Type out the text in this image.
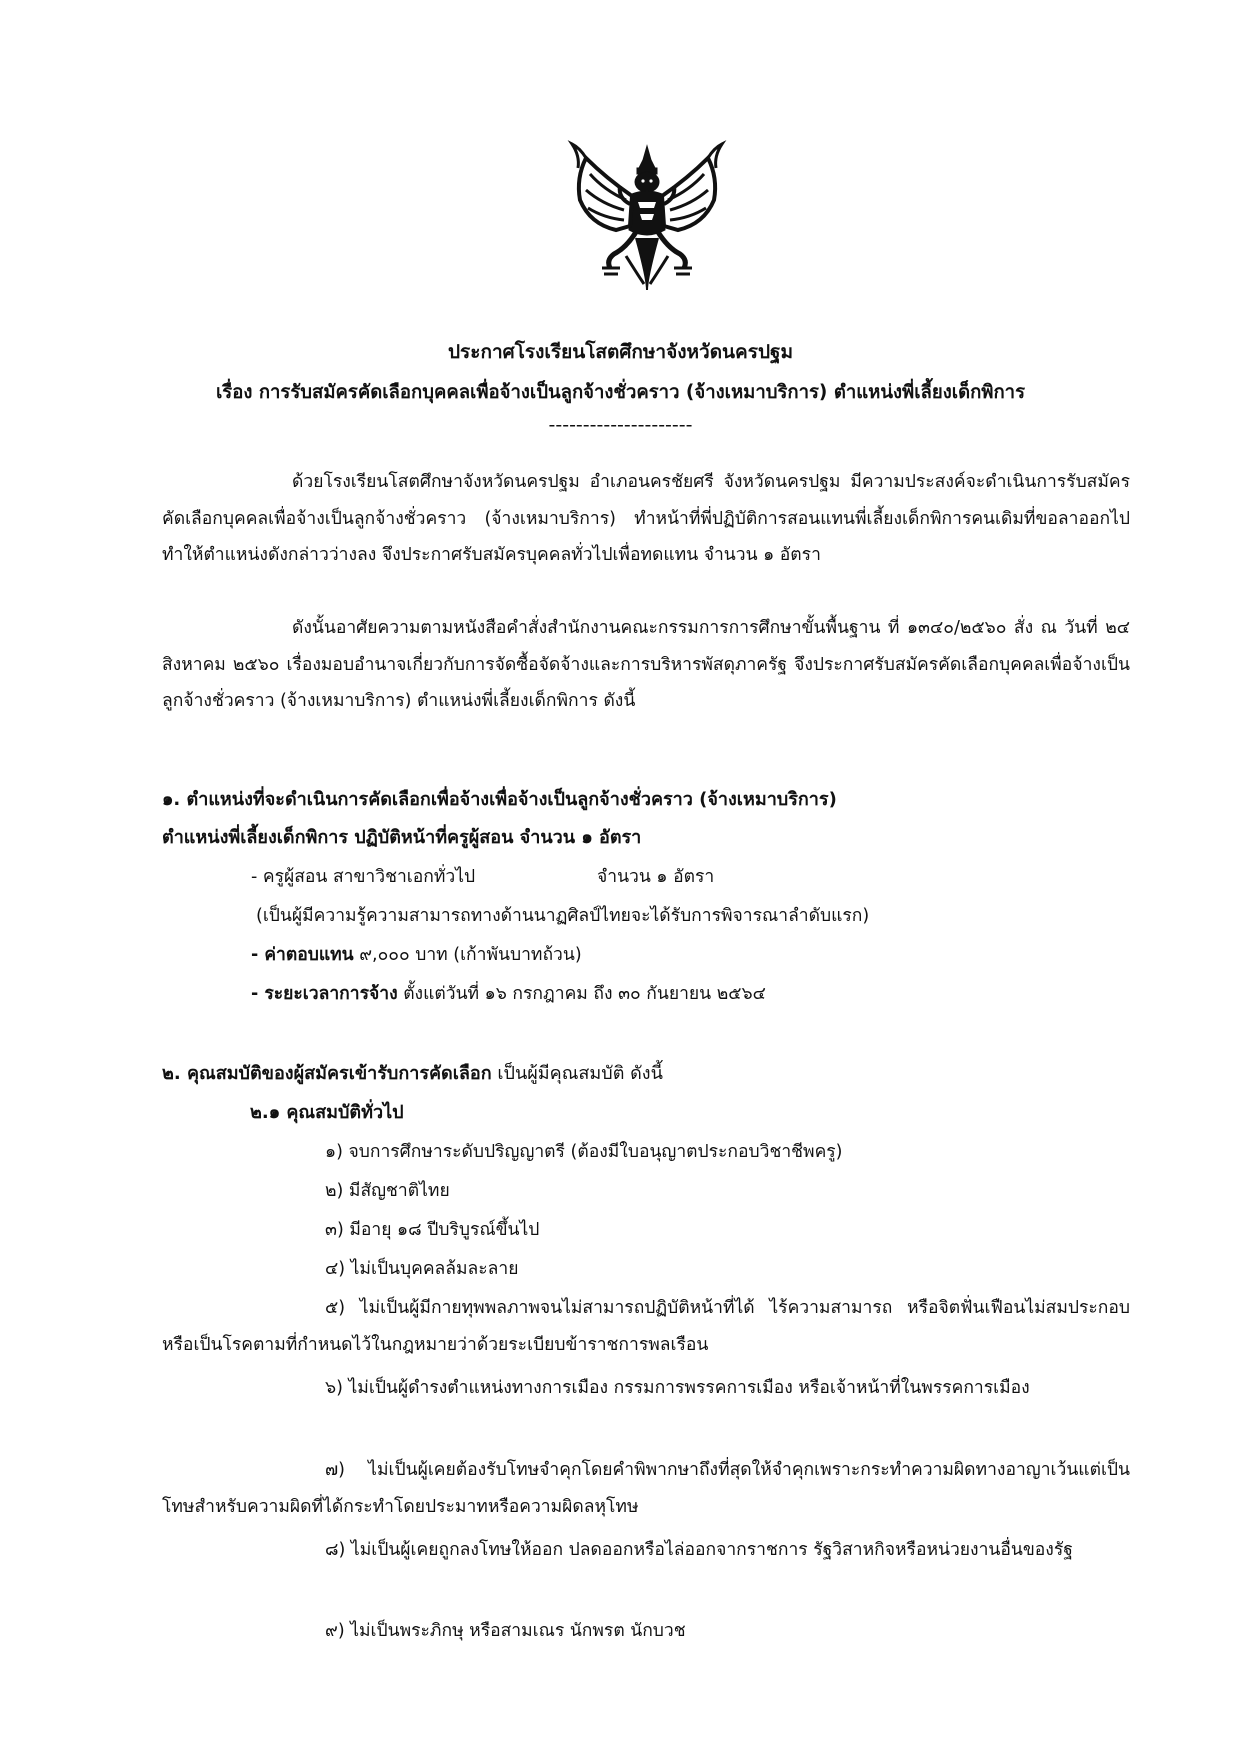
ประกาศโรงเรียนโสตศึกษาจังหวัดนครปฐม
เรื่อง การรับสมัครคัดเลือกบุคคลเพื่อจ้างเป็นลูกจ้างชั่วคราว (จ้างเหมาบริการ) ตำแหน่งพี่เลี้ยงเด็กพิการ
---------------------

ด้วยโรงเรียนโสตศึกษาจังหวัดนครปฐม อำเภอนครชัยศรี จังหวัดนครปฐม มีความประสงค์จะดำเนินการรับสมัครคัดเลือกบุคคลเพื่อจ้างเป็นลูกจ้างชั่วคราว (จ้างเหมาบริการ) ทำหน้าที่พี่ปฏิบัติการสอนแทนพี่เลี้ยงเด็กพิการคนเดิมที่ขอลาออกไป ทำให้ตำแหน่งดังกล่าวว่างลง จึงประกาศรับสมัครบุคคลทั่วไปเพื่อทดแทน จำนวน ๑ อัตรา

ดังนั้นอาศัยความตามหนังสือคำสั่งสำนักงานคณะกรรมการการศึกษาขั้นพื้นฐาน ที่ ๑๓๔๐/๒๕๖๐ สั่ง ณ วันที่ ๒๔ สิงหาคม ๒๕๖๐ เรื่องมอบอำนาจเกี่ยวกับการจัดซื้อจัดจ้างและการบริหารพัสดุภาครัฐ จึงประกาศรับสมัครคัดเลือกบุคคลเพื่อจ้างเป็นลูกจ้างชั่วคราว (จ้างเหมาบริการ) ตำแหน่งพี่เลี้ยงเด็กพิการ ดังนี้

๑. ตำแหน่งที่จะดำเนินการคัดเลือกเพื่อจ้างเพื่อจ้างเป็นลูกจ้างชั่วคราว (จ้างเหมาบริการ)
ตำแหน่งพี่เลี้ยงเด็กพิการ ปฏิบัติหน้าที่ครูผู้สอน จำนวน ๑ อัตรา
- ครูผู้สอน สาขาวิชาเอกทั่วไป	จำนวน ๑ อัตรา
(เป็นผู้มีความรู้ความสามารถทางด้านนาฏศิลป์ไทยจะได้รับการพิจารณาลำดับแรก)
- ค่าตอบแทน ๙,๐๐๐ บาท (เก้าพันบาทถ้วน)
- ระยะเวลาการจ้าง ตั้งแต่วันที่ ๑๖ กรกฎาคม ถึง ๓๐ กันยายน ๒๕๖๔
๒. คุณสมบัติของผู้สมัครเข้ารับการคัดเลือก เป็นผู้มีคุณสมบัติ ดังนี้
๒.๑ คุณสมบัติทั่วไป
๑) จบการศึกษาระดับปริญญาตรี (ต้องมีใบอนุญาตประกอบวิชาชีพครู)
๒) มีสัญชาติไทย
๓) มีอายุ ๑๘ ปีบริบูรณ์ขึ้นไป
๔) ไม่เป็นบุคคลล้มละลาย

๕) ไม่เป็นผู้มีกายทุพพลภาพจนไม่สามารถปฏิบัติหน้าที่ได้ ไร้ความสามารถ หรือจิตฟั่นเฟือนไม่สมประกอบ หรือเป็นโรคตามที่กำหนดไว้ในกฎหมายว่าด้วยระเบียบข้าราชการพลเรือน

๖) ไม่เป็นผู้ดำรงตำแหน่งทางการเมือง กรรมการพรรคการเมือง หรือเจ้าหน้าที่ในพรรคการเมือง

๗) ไม่เป็นผู้เคยต้องรับโทษจำคุกโดยคำพิพากษาถึงที่สุดให้จำคุกเพราะกระทำความผิดทางอาญาเว้นแต่เป็นโทษสำหรับความผิดที่ได้กระทำโดยประมาทหรือความผิดลหุโทษ

๘) ไม่เป็นผู้เคยถูกลงโทษให้ออก ปลดออกหรือไล่ออกจากราชการ รัฐวิสาหกิจหรือหน่วยงานอื่นของรัฐ

๙) ไม่เป็นพระภิกษุ หรือสามเณร นักพรต นักบวช
